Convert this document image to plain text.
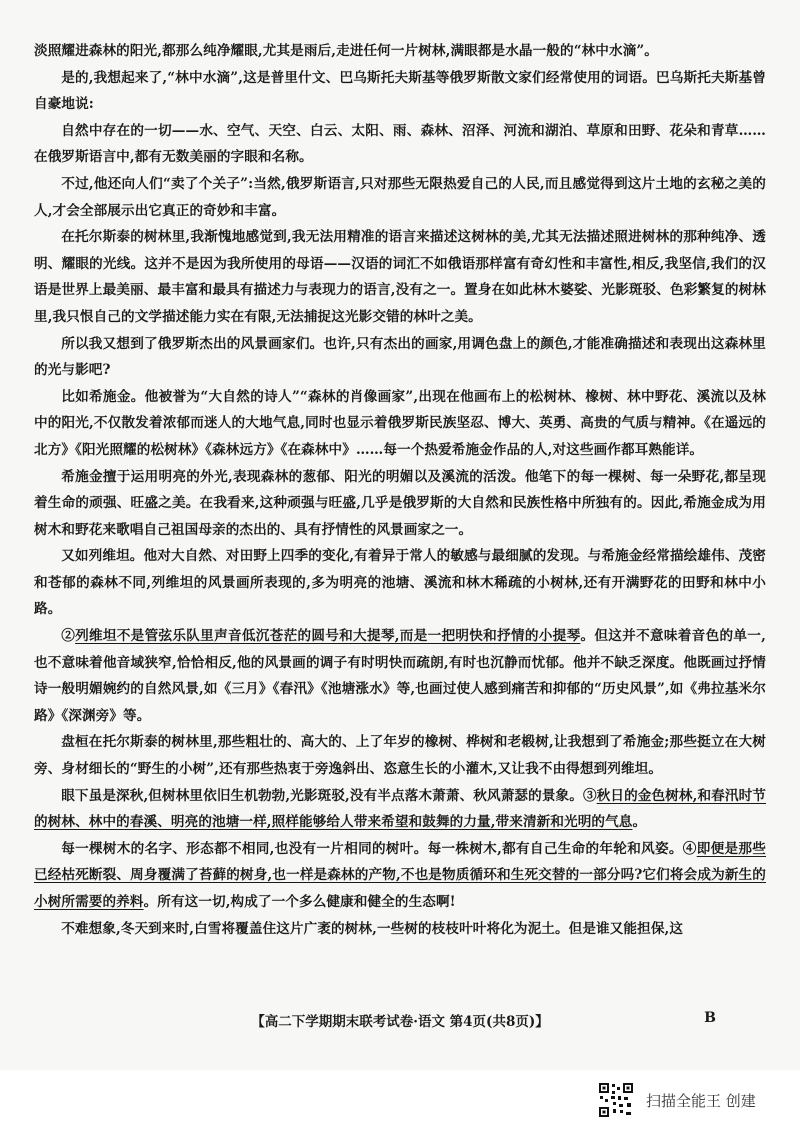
淡照耀进森林的阳光,都那么纯净耀眼,尤其是雨后,走进任何一片树林,满眼都是水晶一般的“林中水滴”。

是的,我想起来了,“林中水滴”,这是普里什文、巴乌斯托夫斯基等俄罗斯散文家们经常使用的词语。巴乌斯托夫斯基曾自豪地说:

自然中存在的一切——水、空气、天空、白云、太阳、雨、森林、沼泽、河流和湖泊、草原和田野、花朵和青草……在俄罗斯语言中,都有无数美丽的字眼和名称。

不过,他还向人们“卖了个关子”:当然,俄罗斯语言,只对那些无限热爱自己的人民,而且感觉得到这片土地的玄秘之美的人,才会全部展示出它真正的奇妙和丰富。

在托尔斯泰的树林里,我渐愧地感觉到,我无法用精准的语言来描述这树林的美,尤其无法描述照进树林的那种纯净、透明、耀眼的光线。这并不是因为我所使用的母语——汉语的词汇不如俄语那样富有奇幻性和丰富性,相反,我坚信,我们的汉语是世界上最美丽、最丰富和最具有描述力与表现力的语言,没有之一。置身在如此林木婆娑、光影斑驳、色彩繁复的树林里,我只恨自己的文学描述能力实在有限,无法捕捉这光影交错的林叶之美。

所以我又想到了俄罗斯杰出的风景画家们。也许,只有杰出的画家,用调色盘上的颜色,才能准确描述和表现出这森林里的光与影吧?

比如希施金。他被誉为“大自然的诗人”“森林的肖像画家”,出现在他画布上的松树林、橡树、林中野花、溪流以及林中的阳光,不仅散发着浓郁而迷人的大地气息,同时也显示着俄罗斯民族坚忍、博大、英勇、高贵的气质与精神。《在遥远的北方》《阳光照耀的松树林》《森林远方》《在森林中》……每一个热爱希施金作品的人,对这些画作都耳熟能详。

希施金擅于运用明亮的外光,表现森林的葱郁、阳光的明媚以及溪流的活泼。他笔下的每一棵树、每一朵野花,都呈现着生命的顽强、旺盛之美。在我看来,这种顽强与旺盛,几乎是俄罗斯的大自然和民族性格中所独有的。因此,希施金成为用树木和野花来歌唱自己祖国母亲的杰出的、具有抒情性的风景画家之一。

又如列维坦。他对大自然、对田野上四季的变化,有着异于常人的敏感与最细腻的发现。与希施金经常描绘雄伟、茂密和苍郁的森林不同,列维坦的风景画所表现的,多为明亮的池塘、溪流和林木稀疏的小树林,还有开满野花的田野和林中小路。

②列维坦不是管弦乐队里声音低沉苍茫的圆号和大提琴,而是一把明快和抒情的小提琴。但这并不意味着音色的单一,也不意味着他音域狭窄,恰恰相反,他的风景画的调子有时明快而疏朗,有时也沉静而忧郁。他并不缺乏深度。他既画过抒情诗一般明媚婉约的自然风景,如《三月》《春汛》《池塘涨水》等,也画过使人感到痛苦和抑郁的“历史风景”,如《弗拉基米尔路》《深渊旁》等。

盘桓在托尔斯泰的树林里,那些粗壮的、高大的、上了年岁的橡树、桦树和老椴树,让我想到了希施金;那些挺立在大树旁、身材细长的“野生的小树”,还有那些热衷于旁逸斜出、恣意生长的小灌木,又让我不由得想到列维坦。

眼下虽是深秋,但树林里依旧生机勃勃,光影斑驳,没有半点落木萧萧、秋风萧瑟的景象。③秋日的金色树林,和春汛时节的树林、林中的春溪、明亮的池塘一样,照样能够给人带来希望和鼓舞的力量,带来清新和光明的气息。

每一棵树木的名字、形态都不相同,也没有一片相同的树叶。每一株树木,都有自己生命的年轮和风姿。④即便是那些已经枯死断裂、周身覆满了苔藓的树身,也一样是森林的产物,不也是物质循环和生死交替的一部分吗?它们将会成为新生的小树所需要的养料。所有这一切,构成了一个多么健康和健全的生态啊!

不难想象,冬天到来时,白雪将覆盖住这片广袤的树林,一些树的枝枝叶叶将化为泥土。但是谁又能担保,这

【高二下学期期末联考试卷·语文 第4页(共8页)】	B
扫描全能王 创建
